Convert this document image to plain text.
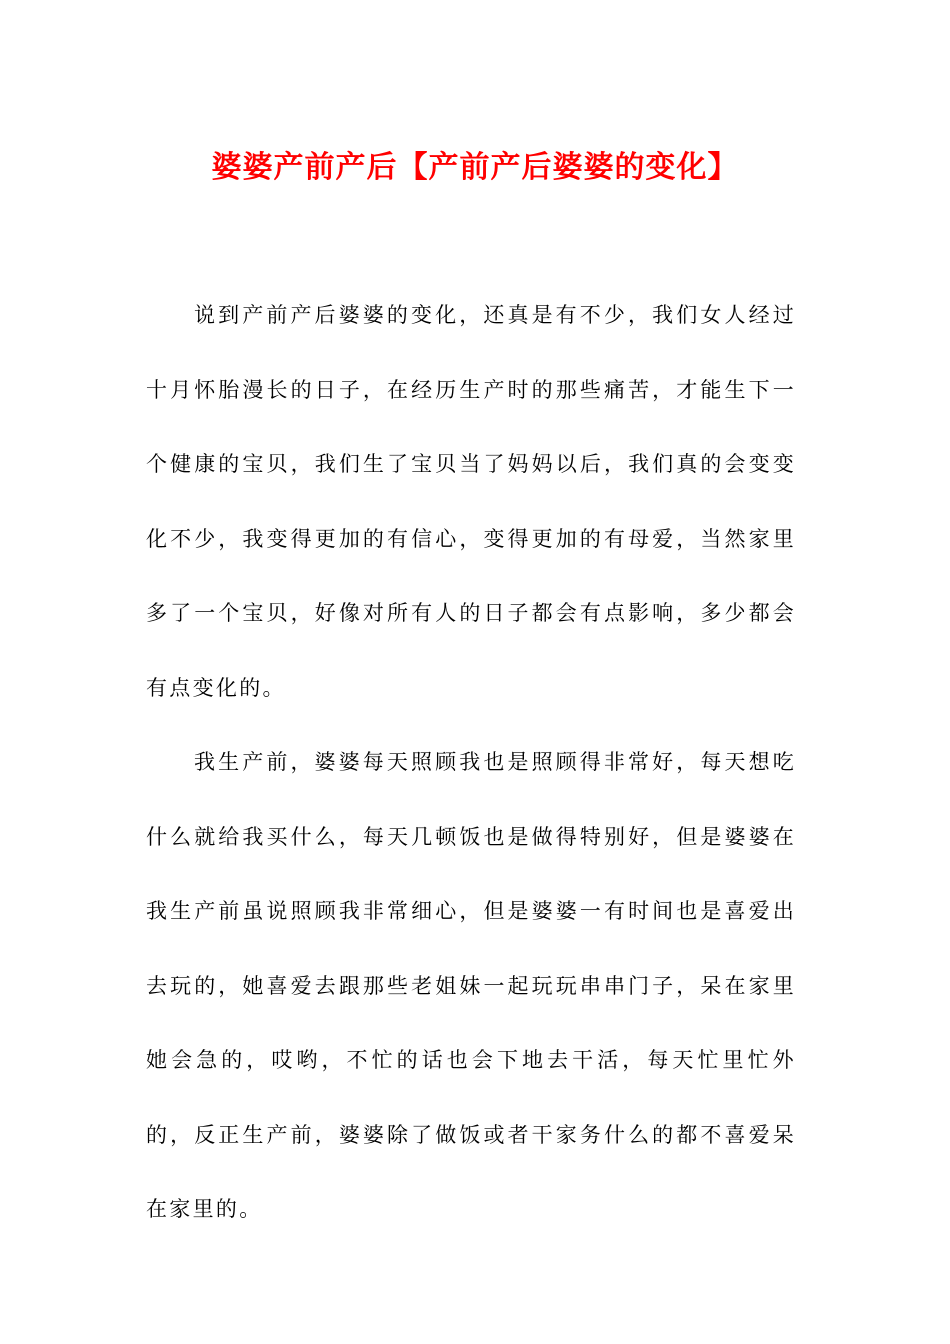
婆婆产前产后【产前产后婆婆的变化】

说到产前产后婆婆的变化，还真是有不少，我们女人经过十月怀胎漫长的日子，在经历生产时的那些痛苦，才能生下一个健康的宝贝，我们生了宝贝当了妈妈以后，我们真的会变变化不少，我变得更加的有信心，变得更加的有母爱，当然家里多了一个宝贝，好像对所有人的日子都会有点影响，多少都会有点变化的。

我生产前，婆婆每天照顾我也是照顾得非常好，每天想吃什么就给我买什么，每天几顿饭也是做得特别好，但是婆婆在我生产前虽说照顾我非常细心，但是婆婆一有时间也是喜爱出去玩的，她喜爱去跟那些老姐妹一起玩玩串串门子，呆在家里她会急的，哎哟，不忙的话也会下地去干活，每天忙里忙外的，反正生产前，婆婆除了做饭或者干家务什么的都不喜爱呆在家里的。
